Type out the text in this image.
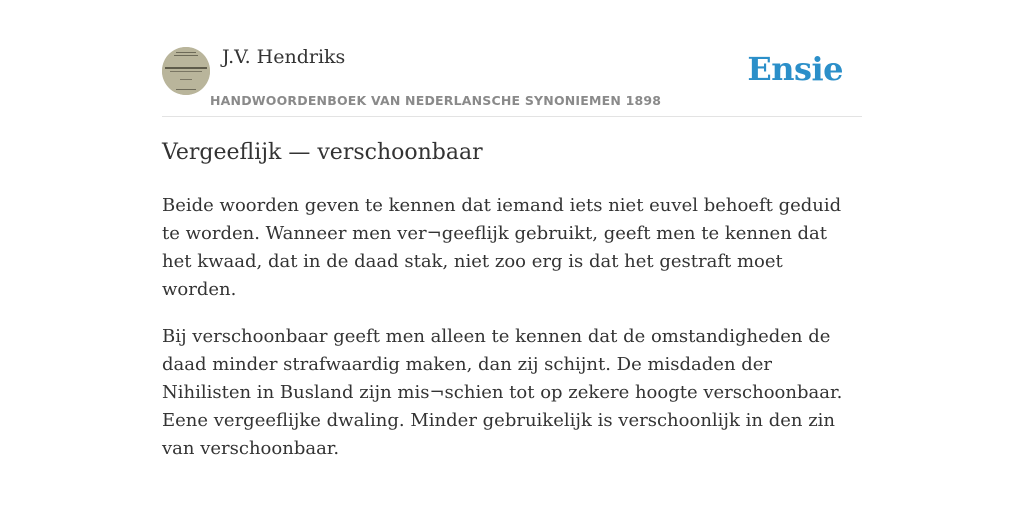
J.V. Hendriks
HANDWOORDENBOEK VAN NEDERLANSCHE SYNONIEMEN 1898
Ensie
Vergeeflijk — verschoonbaar

Beide woorden geven te kennen dat iemand iets niet euvel behoeft geduid te worden. Wanneer men ver¬geeflijk gebruikt, geeft men te kennen dat het kwaad, dat in de daad stak, niet zoo erg is dat het gestraft moet worden.

Bij verschoonbaar geeft men alleen te kennen dat de omstandigheden de daad minder strafwaardig maken, dan zij schijnt. De misdaden der Nihilisten in Busland zijn mis¬schien tot op zekere hoogte verschoonbaar. Eene vergeeflijke dwaling. Minder gebruikelijk is verschoonlijk in den zin van verschoonbaar.
